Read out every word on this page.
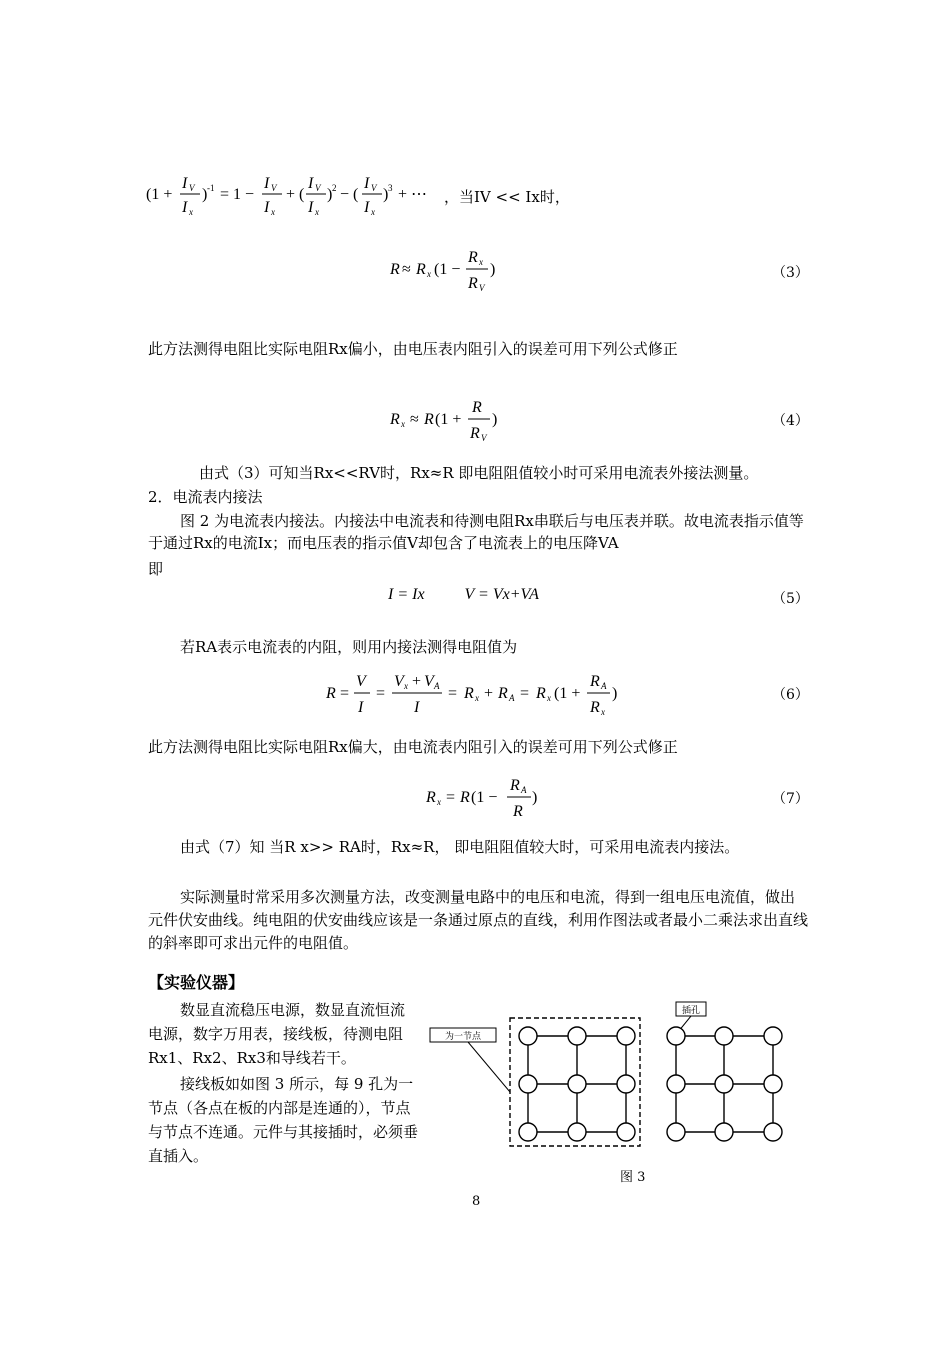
(1 +
I V
I x
) -1 = 1 −
I V
I x
+ (
I V
I x
) 2 − (
I V
I x
) 3 + ⋯ ，当IV << Ix时，
R ≈ R x (1 −
R x
R V
)	（3）
此方法测得电阻比实际电阻Rx偏小，由电压表内阻引入的误差可用下列公式修正
R x ≈ R (1 +
R
R V
)	（4）
由式（3）可知当Rx<<RV时，Rx≈R 即电阻阻值较小时可采用电流表外接法测量。
2．电流表内接法
图 2 为电流表内接法。内接法中电流表和待测电阻Rx串联后与电压表并联。故电流表指示值等于通过Rx的电流Ix；而电压表的指示值V却包含了电流表上的电压降VA
即
I = Ix          V = Vx+VA	（5）
若RA表示电流表的内阻，则用内接法测得电阻值为
R =
V
I
=
V x + V A
I
= R x + R A = R x (1 +
R A
R x
)	（6）
此方法测得电阻比实际电阻Rx偏大，由电流表内阻引入的误差可用下列公式修正
R x = R (1 −
R A
R
)	（7）
由式（7）知 当R x>> RA时，Rx≈R， 即电阻阻值较大时，可采用电流表内接法。
实际测量时常采用多次测量方法，改变测量电路中的电压和电流，得到一组电压电流值，做出元件伏安曲线。纯电阻的伏安曲线应该是一条通过原点的直线，利用作图法或者最小二乘法求出直线的斜率即可求出元件的电阻值。
【实验仪器】
数显直流稳压电源，数显直流恒流电源，数字万用表，接线板，待测电阻Rx1、Rx2、Rx3和导线若干。
接线板如如图 3 所示，每 9 孔为一节点（各点在板的内部是连通的），节点与节点不连通。元件与其接插时，必须垂直插入。
为一节点
插孔
图 3
8
